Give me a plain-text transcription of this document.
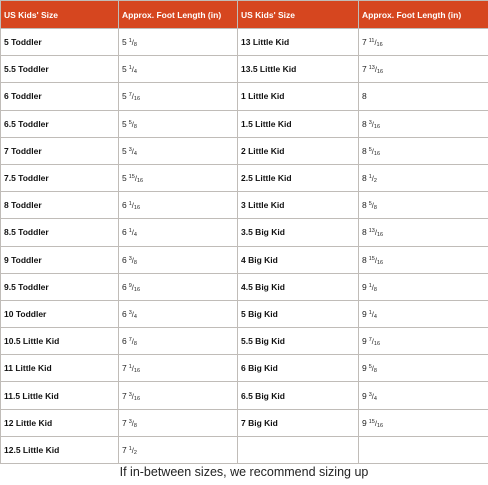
US Kids' Size	Approx. Foot Length (in)	US Kids' Size	Approx. Foot Length (in)
5 Toddler	5 $^1$/8	13 Little Kid	7 $^{11}$/16
5.5 Toddler	5 $^1$/4	13.5 Little Kid	7 $^{13}$/16
6 Toddler	5 $^7$/16	1 Little Kid	8
6.5 Toddler	5 $^5$/8	1.5 Little Kid	8 $^3$/16
7 Toddler	5 $^3$/4	2 Little Kid	8 $^5$/16
7.5 Toddler	5 $^{15}$/16	2.5 Little Kid	8 $^1$/2
8 Toddler	6 $^1$/16	3 Little Kid	8 $^5$/8
8.5 Toddler	6 $^1$/4	3.5 Big Kid	8 $^{13}$/16
9 Toddler	6 $^3$/8	4 Big Kid	8 $^{15}$/16
9.5 Toddler	6 $^9$/16	4.5 Big Kid	9 $^1$/8
10 Toddler	6 $^3$/4	5 Big Kid	9 $^1$/4
10.5 Little Kid	6 $^7$/8	5.5 Big Kid	9 $^7$/16
11 Little Kid	7 $^1$/16	6 Big Kid	9 $^5$/8
11.5 Little Kid	7 $^3$/16	6.5 Big Kid	9 $^3$/4
12 Little Kid	7 $^3$/8	7 Big Kid	9 $^{15}$/16
12.5 Little Kid	7 $^1$/2		
If in-between sizes, we recommend sizing up
